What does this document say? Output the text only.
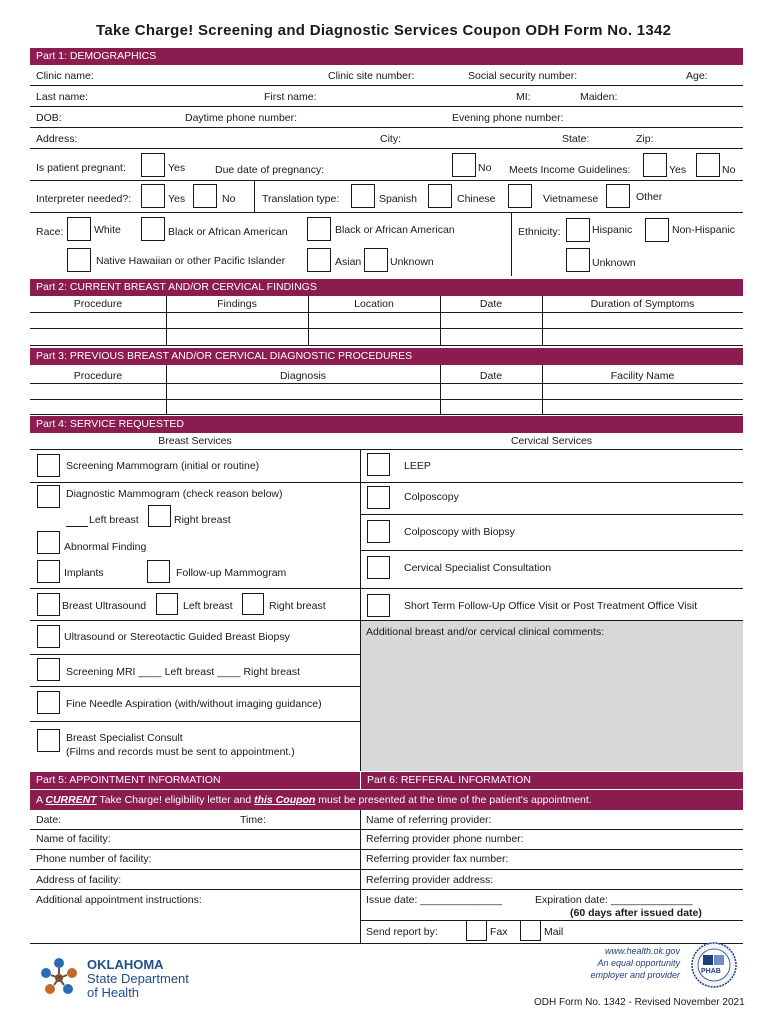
Take Charge! Screening and Diagnostic Services Coupon ODH Form No. 1342
Part 1: DEMOGRAPHICS
Clinic name:	Clinic site number:	Social security number:	Age:
Last name:	First name:	MI:	Maiden:
DOB:	Daytime phone number:	Evening phone number:
Address:	City:	State:	Zip:
Is patient pregnant:	Yes	Due date of pregnancy:	No Meets Income Guidelines:	Yes	No
Interpreter needed?:	Yes	No	Translation type:	Spanish	Chinese	Vietnamese	Other
Race:	White	Black or African American	Black or African American	Ethnicity:	Hispanic	Non-Hispanic
Native Hawaiian or other Pacific Islander	Asian	Unknown	Unknown
Part 2: CURRENT BREAST AND/OR CERVICAL FINDINGS
Procedure	Findings	Location	Date	Duration of Symptoms
Part 3: PREVIOUS BREAST AND/OR CERVICAL DIAGNOSTIC PROCEDURES
Procedure	Diagnosis	Date	Facility Name
Part 4: SERVICE REQUESTED
Breast Services	Cervical Services
Screening Mammogram (initial or routine)
Diagnostic Mammogram (check reason below)
Left breast	Right breast
Abnormal Finding
Implants	Follow-up Mammogram
Breast Ultrasound	Left breast	Right breast
Ultrasound or Stereotactic Guided Breast Biopsy
Screening MRI ____ Left breast ____ Right breast
Fine Needle Aspiration (with/without imaging guidance)
Breast Specialist Consult
(Films and records must be sent to appointment.)
LEEP
Colposcopy
Colposcopy with Biopsy
Cervical Specialist Consultation
Short Term Follow-Up Office Visit or Post Treatment Office Visit
Additional breast and/or cervical clinical comments:
Part 5: APPOINTMENT INFORMATION	Part 6: REFFERAL INFORMATION
A CURRENT Take Charge! eligibility letter and this Coupon must be presented at the time of the patient's appointment.
Date:	Time:	Name of referring provider:
Name of facility:	Referring provider phone number:
Phone number of facility:	Referring provider fax number:
Address of facility:	Referring provider address:
Additional appointment instructions:	Issue date: ______________	Expiration date: ______________
(60 days after issued date)
Send report by:	Fax	Mail
OKLAHOMA
State Department
of Health
www.health.ok.gov
An equal opportunity
employer and provider	PHAB
ODH Form No. 1342 - Revised November 2021
